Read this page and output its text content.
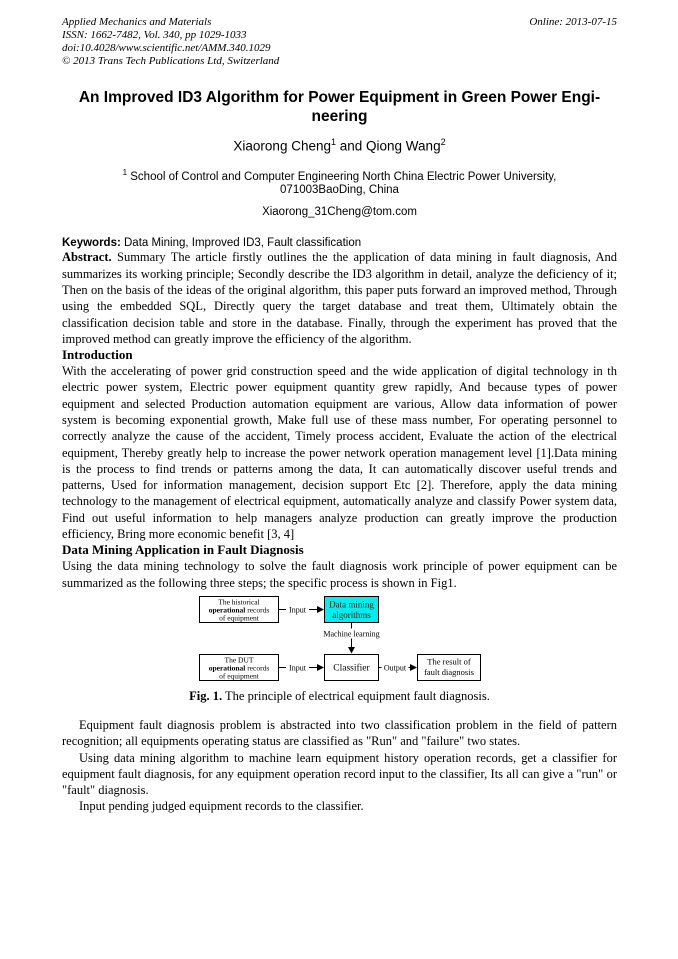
Applied Mechanics and Materials
ISSN: 1662-7482, Vol. 340, pp 1029-1033
doi:10.4028/www.scientific.net/AMM.340.1029
© 2013 Trans Tech Publications Ltd, Switzerland
Online: 2013-07-15
An Improved ID3 Algorithm for Power Equipment in Green Power Engi-
neering
Xiaorong Cheng$^1$ and Qiong Wang$^2$
$^1$ School of Control and Computer Engineering North China Electric Power University,
071003BaoDing, China
Xiaorong_31Cheng@tom.com
Keywords: Data Mining, Improved ID3, Fault classification

Abstract. Summary The article firstly outlines the the application of data mining in fault diagnosis, And summarizes its working principle; Secondly describe the ID3 algorithm in detail, analyze the deficiency of it; Then on the basis of the ideas of the original algorithm, this paper puts forward an improved method, Through using the embedded SQL, Directly query the target database and treat them, Ultimately obtain the classification decision table and store in the database. Finally, through the experiment has proved that the improved method can greatly improve the efficiency of the algorithm.

Introduction

With the accelerating of power grid construction speed and the wide application of digital technology in th electric power system, Electric power equipment quantity grew rapidly, And because types of power equipment and selected Production automation equipment are various, Allow data information of power system is becoming exponential growth, Make full use of these mass number, For operating personnel to correctly analyze the cause of the accident, Timely process accident, Evaluate the action of the electrical equipment, Thereby greatly help to increase the power network operation management level [1].Data mining is the process to find trends or patterns among the data, It can automatically discover useful trends and patterns, Used for information management, decision support Etc [2]. Therefore, apply the data mining technology to the management of electrical equipment, automatically analyze and classify Power system data, Find out useful information to help managers analyze production can greatly improve the production efficiency, Bring more economic benefit [3, 4]

Data Mining Application in Fault Diagnosis

Using the data mining technology to solve the fault diagnosis work principle of power equipment can be summarized as the following three steps; the specific process is shown in Fig1.

The historical
operational records
of equipment
Input
Data mining
algorithms
Machine learning
The DUT
operational records
of equipment
Input	Classifier Output
The result of
fault diagnosis
Fig. 1. The principle of electrical equipment fault diagnosis.

Equipment fault diagnosis problem is abstracted into two classification problem in the field of pattern recognition; all equipments operating status are classified as "Run" and "failure" two states.

Using data mining algorithm to machine learn equipment history operation records, get a classifier for equipment fault diagnosis, for any equipment operation record input to the classifier, Its all can give a "run" or "fault" diagnosis.

Input pending judged equipment records to the classifier.
